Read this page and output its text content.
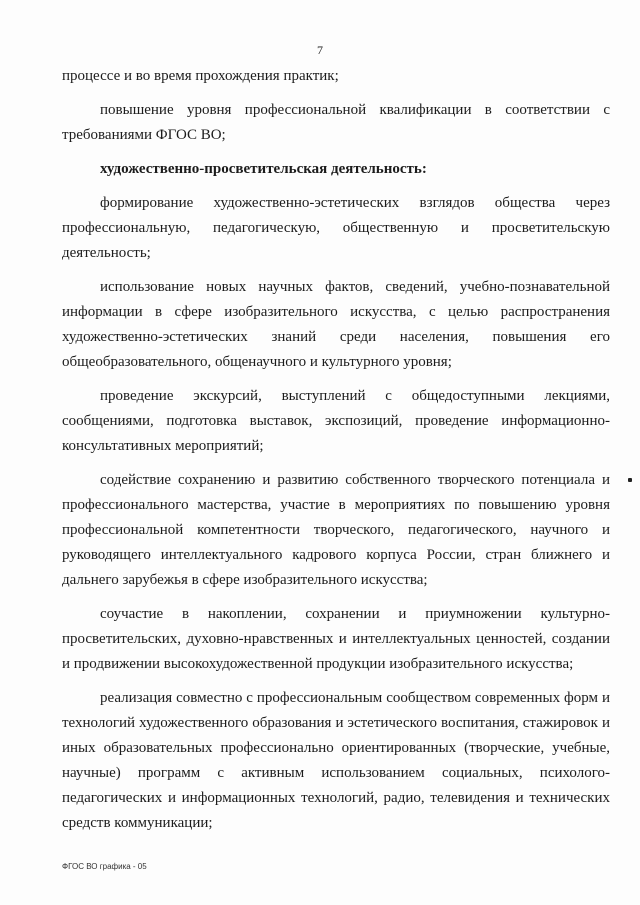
7

процессе и во время прохождения практик;

повышение уровня профессиональной квалификации в соответствии с требованиями ФГОС ВО;

художественно-просветительская деятельность:

формирование художественно-эстетических взглядов общества через профессиональную, педагогическую, общественную и просветительскую деятельность;

использование новых научных фактов, сведений, учебно-познавательной информации в сфере изобразительного искусства, с целью распространения художественно-эстетических знаний среди населения, повышения его общеобразовательного, общенаучного и культурного уровня;

проведение экскурсий, выступлений с общедоступными лекциями, сообщениями, подготовка выставок, экспозиций, проведение информационно-консультативных мероприятий;

содействие сохранению и развитию собственного творческого потенциала и профессионального мастерства, участие в мероприятиях по повышению уровня профессиональной компетентности творческого, педагогического, научного и руководящего интеллектуального кадрового корпуса России, стран ближнего и дальнего зарубежья в сфере изобразительного искусства;

соучастие в накоплении, сохранении и приумножении культурно-просветительских, духовно-нравственных и интеллектуальных ценностей, создании и продвижении высокохудожественной продукции изобразительного искусства;

реализация совместно с профессиональным сообществом современных форм и технологий художественного образования и эстетического воспитания, стажировок и иных образовательных профессионально ориентированных (творческие, учебные, научные) программ с активным использованием социальных, психолого-педагогических и информационных технологий, радио, телевидения и технических средств коммуникации;

ФГОС ВО графика - 05
